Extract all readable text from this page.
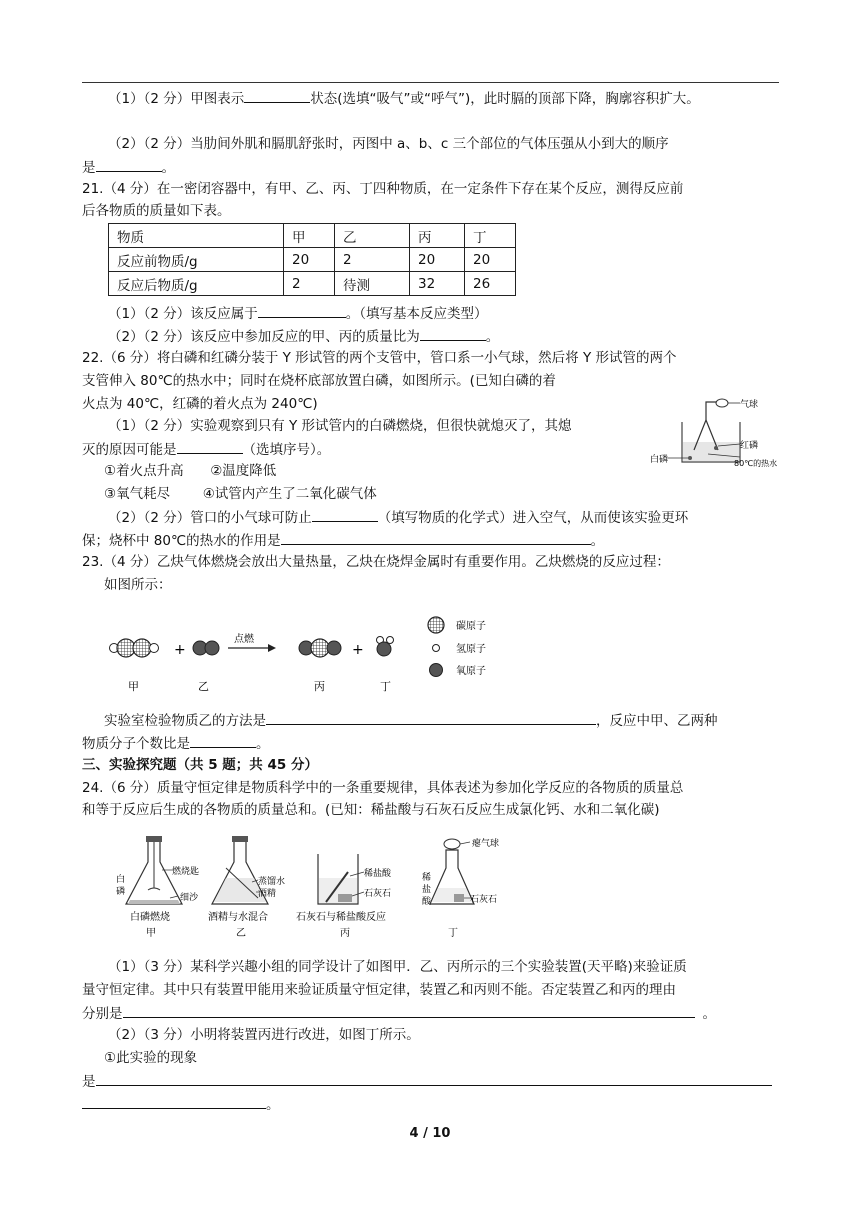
（1）（2 分）甲图表示	状态(选填“吸气”或“呼气”)，此时膈的顶部下降，胸廓容积扩大。
（2）（2 分）当肋间外肌和膈肌舒张时，丙图中 a、b、c 三个部位的气体压强从小到大的顺序
是	。
21.（4 分）在一密闭容器中，有甲、乙、丙、丁四种物质，在一定条件下存在某个反应，测得反应前
后各物质的质量如下表。
物质	甲	乙	丙	丁
反应前物质/g	20	2	20	20
反应后物质/g	2	待测	32	26
（1）（2 分）该反应属于	。（填写基本反应类型）
（2）（2 分）该反应中参加反应的甲、丙的质量比为	。
22.（6 分）将白磷和红磷分装于 Y 形试管的两个支管中，管口系一小气球，然后将 Y 形试管的两个
支管伸入 80℃的热水中；同时在烧杯底部放置白磷，如图所示。(已知白磷的着
火点为 40℃，红磷的着火点为 240℃)
（1）（2 分）实验观察到只有 Y 形试管内的白磷燃烧，但很快就熄灭了，其熄
灭的原因可能是	（选填序号）。
①着火点升高 ②温度降低
③氧气耗尽 ④试管内产生了二氧化碳气体
（2）（2 分）管口的小气球可防止	（填写物质的化学式）进入空气，从而使该实验更环
保；烧杯中 80℃的热水的作用是	。
气球
红磷
80℃的热水
白磷
23.（4 分）乙炔气体燃烧会放出大量热量，乙炔在烧焊金属时有重要作用。乙炔燃烧的反应过程：
如图所示：
+
点燃
+
甲	乙	丙	丁
碳原子
氢原子
氧原子
实验室检验物质乙的方法是	，反应中甲、乙两种
物质分子个数比是	。
三、实验探究题（共 5 题；共 45 分）
24.（6 分）质量守恒定律是物质科学中的一条重要规律，具体表述为参加化学反应的各物质的质量总
和等于反应后生成的各物质的质量总和。(已知：稀盐酸与石灰石反应生成氯化钙、水和二氧化碳)
燃烧匙
细沙
白
磷
白磷燃烧
甲
蒸馏水
酒精
酒精与水混合
乙
稀盐酸
石灰石
石灰石与稀盐酸反应
丙
瘪气球
稀
盐
酸	石灰石
丁
（1）（3 分）某科学兴趣小组的同学设计了如图甲．乙、丙所示的三个实验装置(天平略)来验证质
量守恒定律。其中只有装置甲能用来验证质量守恒定律，装置乙和丙则不能。否定装置乙和丙的理由
分别是	。
（2）（3 分）小明将装置丙进行改进，如图丁所示。
①此实验的现象
是
。
4 / 10
